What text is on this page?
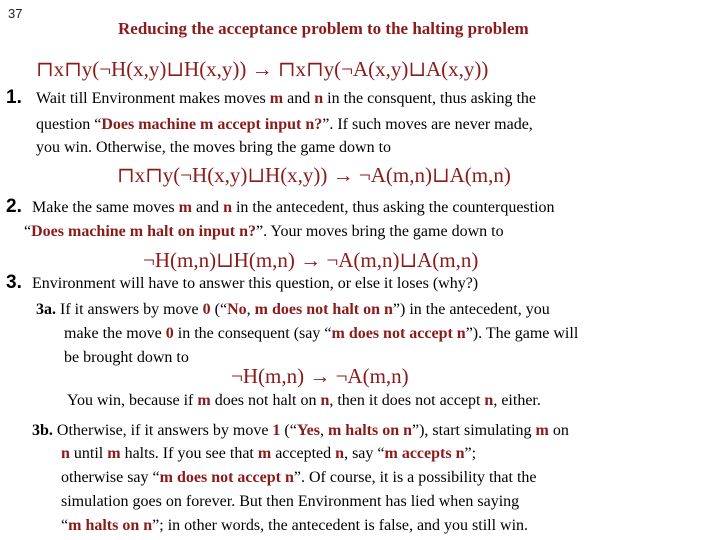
37
Reducing the acceptance problem to the halting problem
⊓x⊓y(¬H(x,y)⊔H(x,y)) → ⊓x⊓y(¬A(x,y)⊔A(x,y))
1. Wait till Environment makes moves m and n in the consquent, thus asking the
question “Does machine m accept input n?”. If such moves are never made,
you win. Otherwise, the moves bring the game down to
⊓x⊓y(¬H(x,y)⊔H(x,y)) → ¬A(m,n)⊔A(m,n)
2. Make the same moves m and n in the antecedent, thus asking the counterquestion
“Does machine m halt on input n?”. Your moves bring the game down to
¬H(m,n)⊔H(m,n) → ¬A(m,n)⊔A(m,n)
3. Environment will have to answer this question, or else it loses (why?)
3a. If it answers by move 0 (“No, m does not halt on n”) in the antecedent, you
make the move 0 in the consequent (say “m does not accept n”). The game will
be brought down to
¬H(m,n) → ¬A(m,n)
You win, because if m does not halt on n, then it does not accept n, either.
3b. Otherwise, if it answers by move 1 (“Yes, m halts on n”), start simulating m on
n until m halts. If you see that m accepted n, say “m accepts n”;
otherwise say “m does not accept n”. Of course, it is a possibility that the
simulation goes on forever. But then Environment has lied when saying
“m halts on n”; in other words, the antecedent is false, and you still win.
